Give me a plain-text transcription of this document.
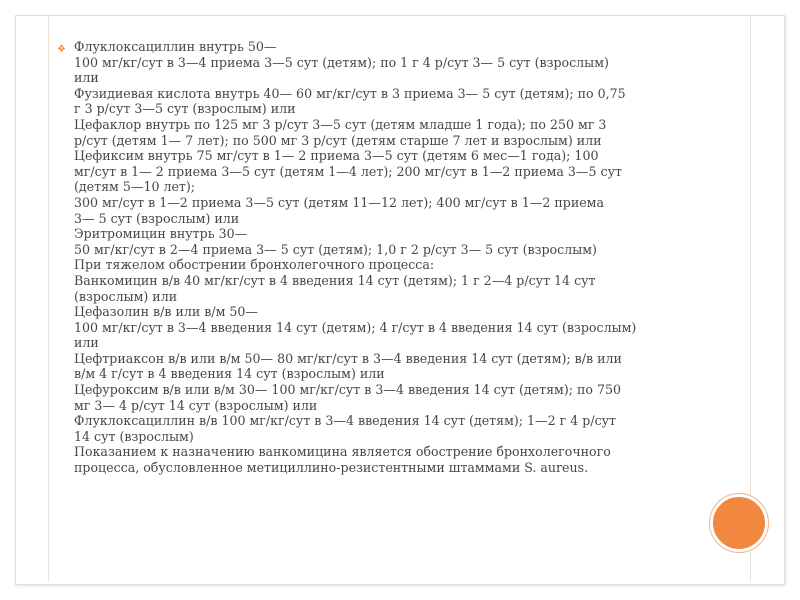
❖ Флуклоксациллин внутрь 50—
100 мг/кг/сут в 3—4 приема 3—5 сут (детям); по 1 г 4 р/сут 3— 5 сут (взрослым)
или
Фузидиевая кислота внутрь 40— 60 мг/кг/сут в 3 приема 3— 5 сут (детям); по 0,75
г 3 р/сут 3—5 сут (взрослым) или
Цефаклор внутрь по 125 мг 3 р/сут 3—5 сут (детям младше 1 года); по 250 мг 3
р/сут (детям 1— 7 лет); по 500 мг 3 р/сут (детям старше 7 лет и взрослым) или
Цефиксим внутрь 75 мг/сут в 1— 2 приема 3—5 сут (детям 6 мес—1 года); 100
мг/сут в 1— 2 приема 3—5 сут (детям 1—4 лет); 200 мг/сут в 1—2 приема 3—5 сут
(детям 5—10 лет);
300 мг/сут в 1—2 приема 3—5 сут (детям 11—12 лет); 400 мг/сут в 1—2 приема
3— 5 сут (взрослым) или
Эритромицин внутрь 30—
50 мг/кг/сут в 2—4 приема 3— 5 сут (детям); 1,0 г 2 р/сут 3— 5 сут (взрослым)
При тяжелом обострении бронхолегочного процесса:
Ванкомицин в/в 40 мг/кг/сут в 4 введения 14 сут (детям); 1 г 2—4 р/сут 14 сут
(взрослым) или
Цефазолин в/в или в/м 50—
100 мг/кг/сут в 3—4 введения 14 сут (детям); 4 г/сут в 4 введения 14 сут (взрослым)
или
Цефтриаксон в/в или в/м 50— 80 мг/кг/сут в 3—4 введения 14 сут (детям); в/в или
в/м 4 г/сут в 4 введения 14 сут (взрослым) или
Цефуроксим в/в или в/м 30— 100 мг/кг/сут в 3—4 введения 14 сут (детям); по 750
мг 3— 4 р/сут 14 сут (взрослым) или
Флуклоксациллин в/в 100 мг/кг/сут в 3—4 введения 14 сут (детям); 1—2 г 4 р/сут
14 сут (взрослым)
Показанием к назначению ванкомицина является обострение бронхолегочного
процесса, обусловленное метициллино-резистентными штаммами S. aureus.
